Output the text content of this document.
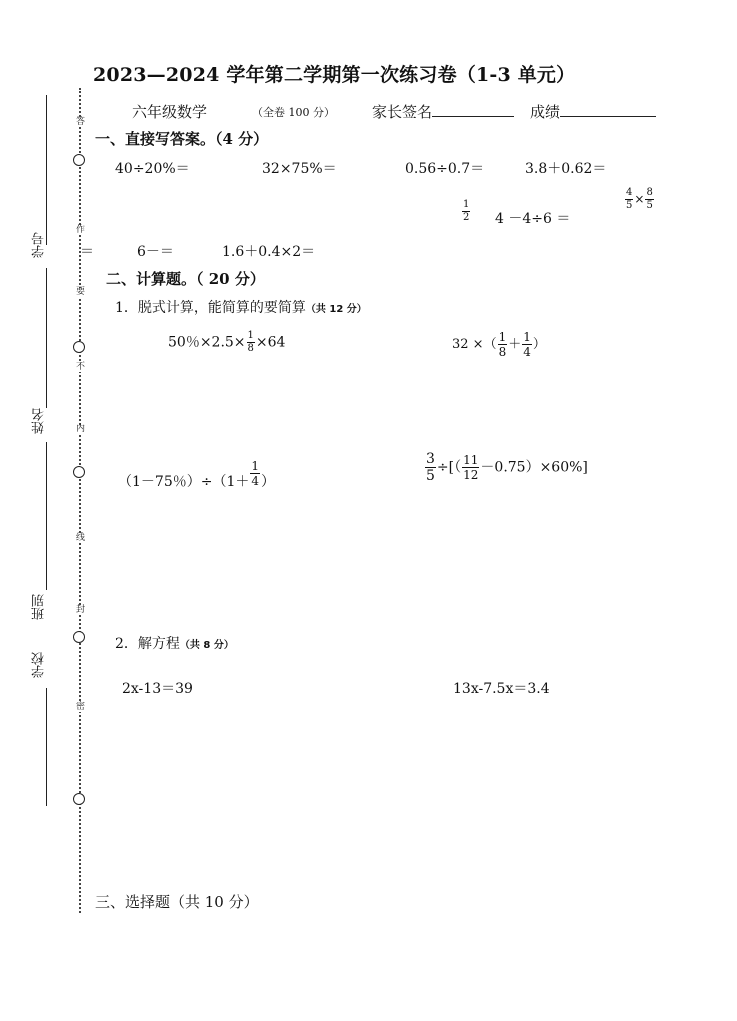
学号
姓名
班别
学校
答
作
要
不
内
线
封
密
2023—2024 学年第二学期第一次练习卷（1-3 单元）
六年级数学	（全卷 100 分） 家长签名	成绩
一、直接写答案。（4 分）
40÷20%＝	32×75%＝	0.56÷0.7＝	3.8＋0.62＝
$\frac{1}{2} 4 -4\div 6$ ＝
$\frac{4}{5} \times \frac{8}{5}$
＝	6－＝	1.6＋0.4×2＝
二、计算题。（ 20 分）
1．脱式计算，能简算的要简算（共 12 分）
50％$\times 2.5\times \frac{1}{8} \times 64$	32 ×（ $\frac{1}{8} + \frac{1}{4}$ ）
（1－75％）$\div(1+ \frac{1}{4}$ ）	$\frac{3}{5}$ ÷[（ $\frac{11}{12} -0.75)\times 60\%$]
2．解方程（共 8 分）
2x-13＝39	13x-7.5x＝3.4
三、选择题（共 10 分）
